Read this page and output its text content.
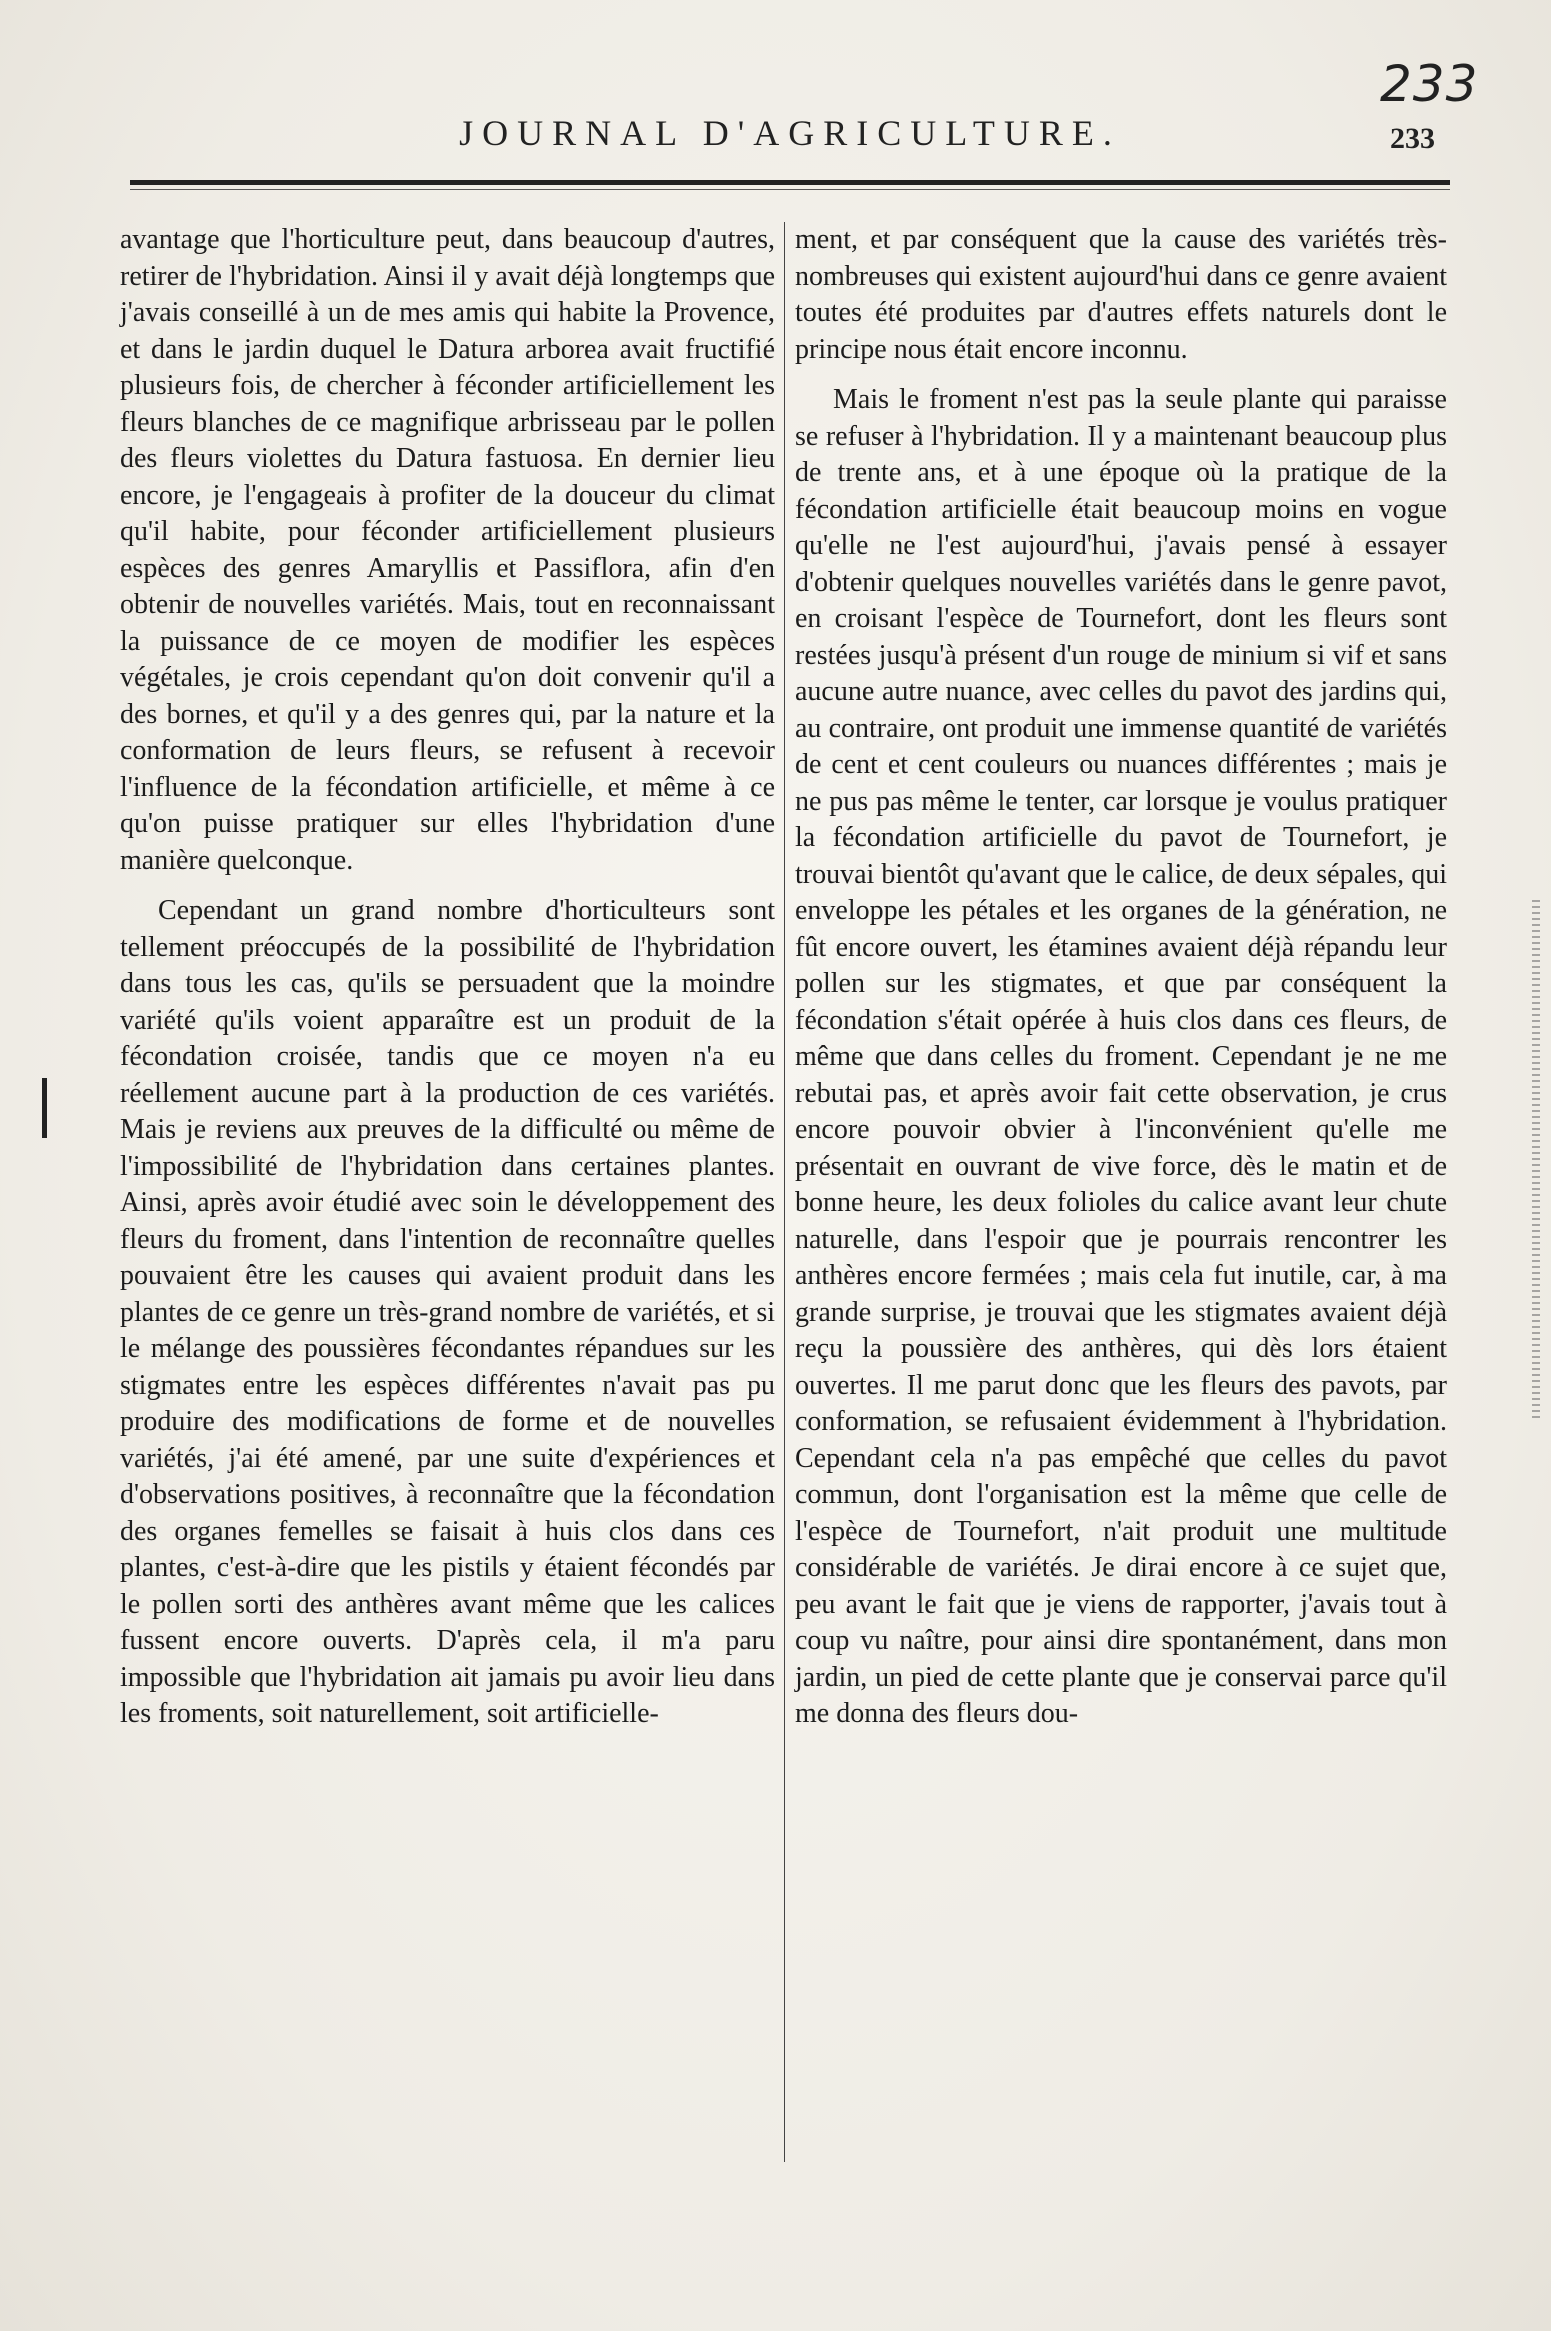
233
JOURNAL D'AGRICULTURE.	233

avantage que l'horticulture peut, dans beaucoup d'autres, retirer de l'hybridation. Ainsi il y avait déjà longtemps que j'avais conseillé à un de mes amis qui habite la Provence, et dans le jardin duquel le Datura arborea avait fructifié plusieurs fois, de chercher à féconder artificiellement les fleurs blanches de ce magnifique arbrisseau par le pollen des fleurs violettes du Datura fastuosa. En dernier lieu encore, je l'engageais à profiter de la douceur du climat qu'il habite, pour féconder artificiellement plusieurs espèces des genres Amaryllis et Passiflora, afin d'en obtenir de nouvelles variétés. Mais, tout en reconnaissant la puissance de ce moyen de modifier les espèces végétales, je crois cependant qu'on doit convenir qu'il a des bornes, et qu'il y a des genres qui, par la nature et la conformation de leurs fleurs, se refusent à recevoir l'influence de la fécondation artificielle, et même à ce qu'on puisse pratiquer sur elles l'hybridation d'une manière quelconque.

Cependant un grand nombre d'horticulteurs sont tellement préoccupés de la possibilité de l'hybridation dans tous les cas, qu'ils se persuadent que la moindre variété qu'ils voient apparaître est un produit de la fécondation croisée, tandis que ce moyen n'a eu réellement aucune part à la production de ces variétés. Mais je reviens aux preuves de la difficulté ou même de l'impossibilité de l'hybridation dans certaines plantes. Ainsi, après avoir étudié avec soin le développement des fleurs du froment, dans l'intention de reconnaître quelles pouvaient être les causes qui avaient produit dans les plantes de ce genre un très-grand nombre de variétés, et si le mélange des poussières fécondantes répandues sur les stigmates entre les espèces différentes n'avait pas pu produire des modifications de forme et de nouvelles variétés, j'ai été amené, par une suite d'expériences et d'observations positives, à reconnaître que la fécondation des organes femelles se faisait à huis clos dans ces plantes, c'est-à-dire que les pistils y étaient fécondés par le pollen sorti des anthères avant même que les calices fussent encore ouverts. D'après cela, il m'a paru impossible que l'hybridation ait jamais pu avoir lieu dans les froments, soit naturellement, soit artificielle-

ment, et par conséquent que la cause des variétés très-nombreuses qui existent aujourd'hui dans ce genre avaient toutes été produites par d'autres effets naturels dont le principe nous était encore inconnu.

Mais le froment n'est pas la seule plante qui paraisse se refuser à l'hybridation. Il y a maintenant beaucoup plus de trente ans, et à une époque où la pratique de la fécondation artificielle était beaucoup moins en vogue qu'elle ne l'est aujourd'hui, j'avais pensé à essayer d'obtenir quelques nouvelles variétés dans le genre pavot, en croisant l'espèce de Tournefort, dont les fleurs sont restées jusqu'à présent d'un rouge de minium si vif et sans aucune autre nuance, avec celles du pavot des jardins qui, au contraire, ont produit une immense quantité de variétés de cent et cent couleurs ou nuances différentes ; mais je ne pus pas même le tenter, car lorsque je voulus pratiquer la fécondation artificielle du pavot de Tournefort, je trouvai bientôt qu'avant que le calice, de deux sépales, qui enveloppe les pétales et les organes de la génération, ne fût encore ouvert, les étamines avaient déjà répandu leur pollen sur les stigmates, et que par conséquent la fécondation s'était opérée à huis clos dans ces fleurs, de même que dans celles du froment. Cependant je ne me rebutai pas, et après avoir fait cette observation, je crus encore pouvoir obvier à l'inconvénient qu'elle me présentait en ouvrant de vive force, dès le matin et de bonne heure, les deux folioles du calice avant leur chute naturelle, dans l'espoir que je pourrais rencontrer les anthères encore fermées ; mais cela fut inutile, car, à ma grande surprise, je trouvai que les stigmates avaient déjà reçu la poussière des anthères, qui dès lors étaient ouvertes. Il me parut donc que les fleurs des pavots, par conformation, se refusaient évidemment à l'hybridation. Cependant cela n'a pas empêché que celles du pavot commun, dont l'organisation est la même que celle de l'espèce de Tournefort, n'ait produit une multitude considérable de variétés. Je dirai encore à ce sujet que, peu avant le fait que je viens de rapporter, j'avais tout à coup vu naître, pour ainsi dire spontanément, dans mon jardin, un pied de cette plante que je conservai parce qu'il me donna des fleurs dou-
